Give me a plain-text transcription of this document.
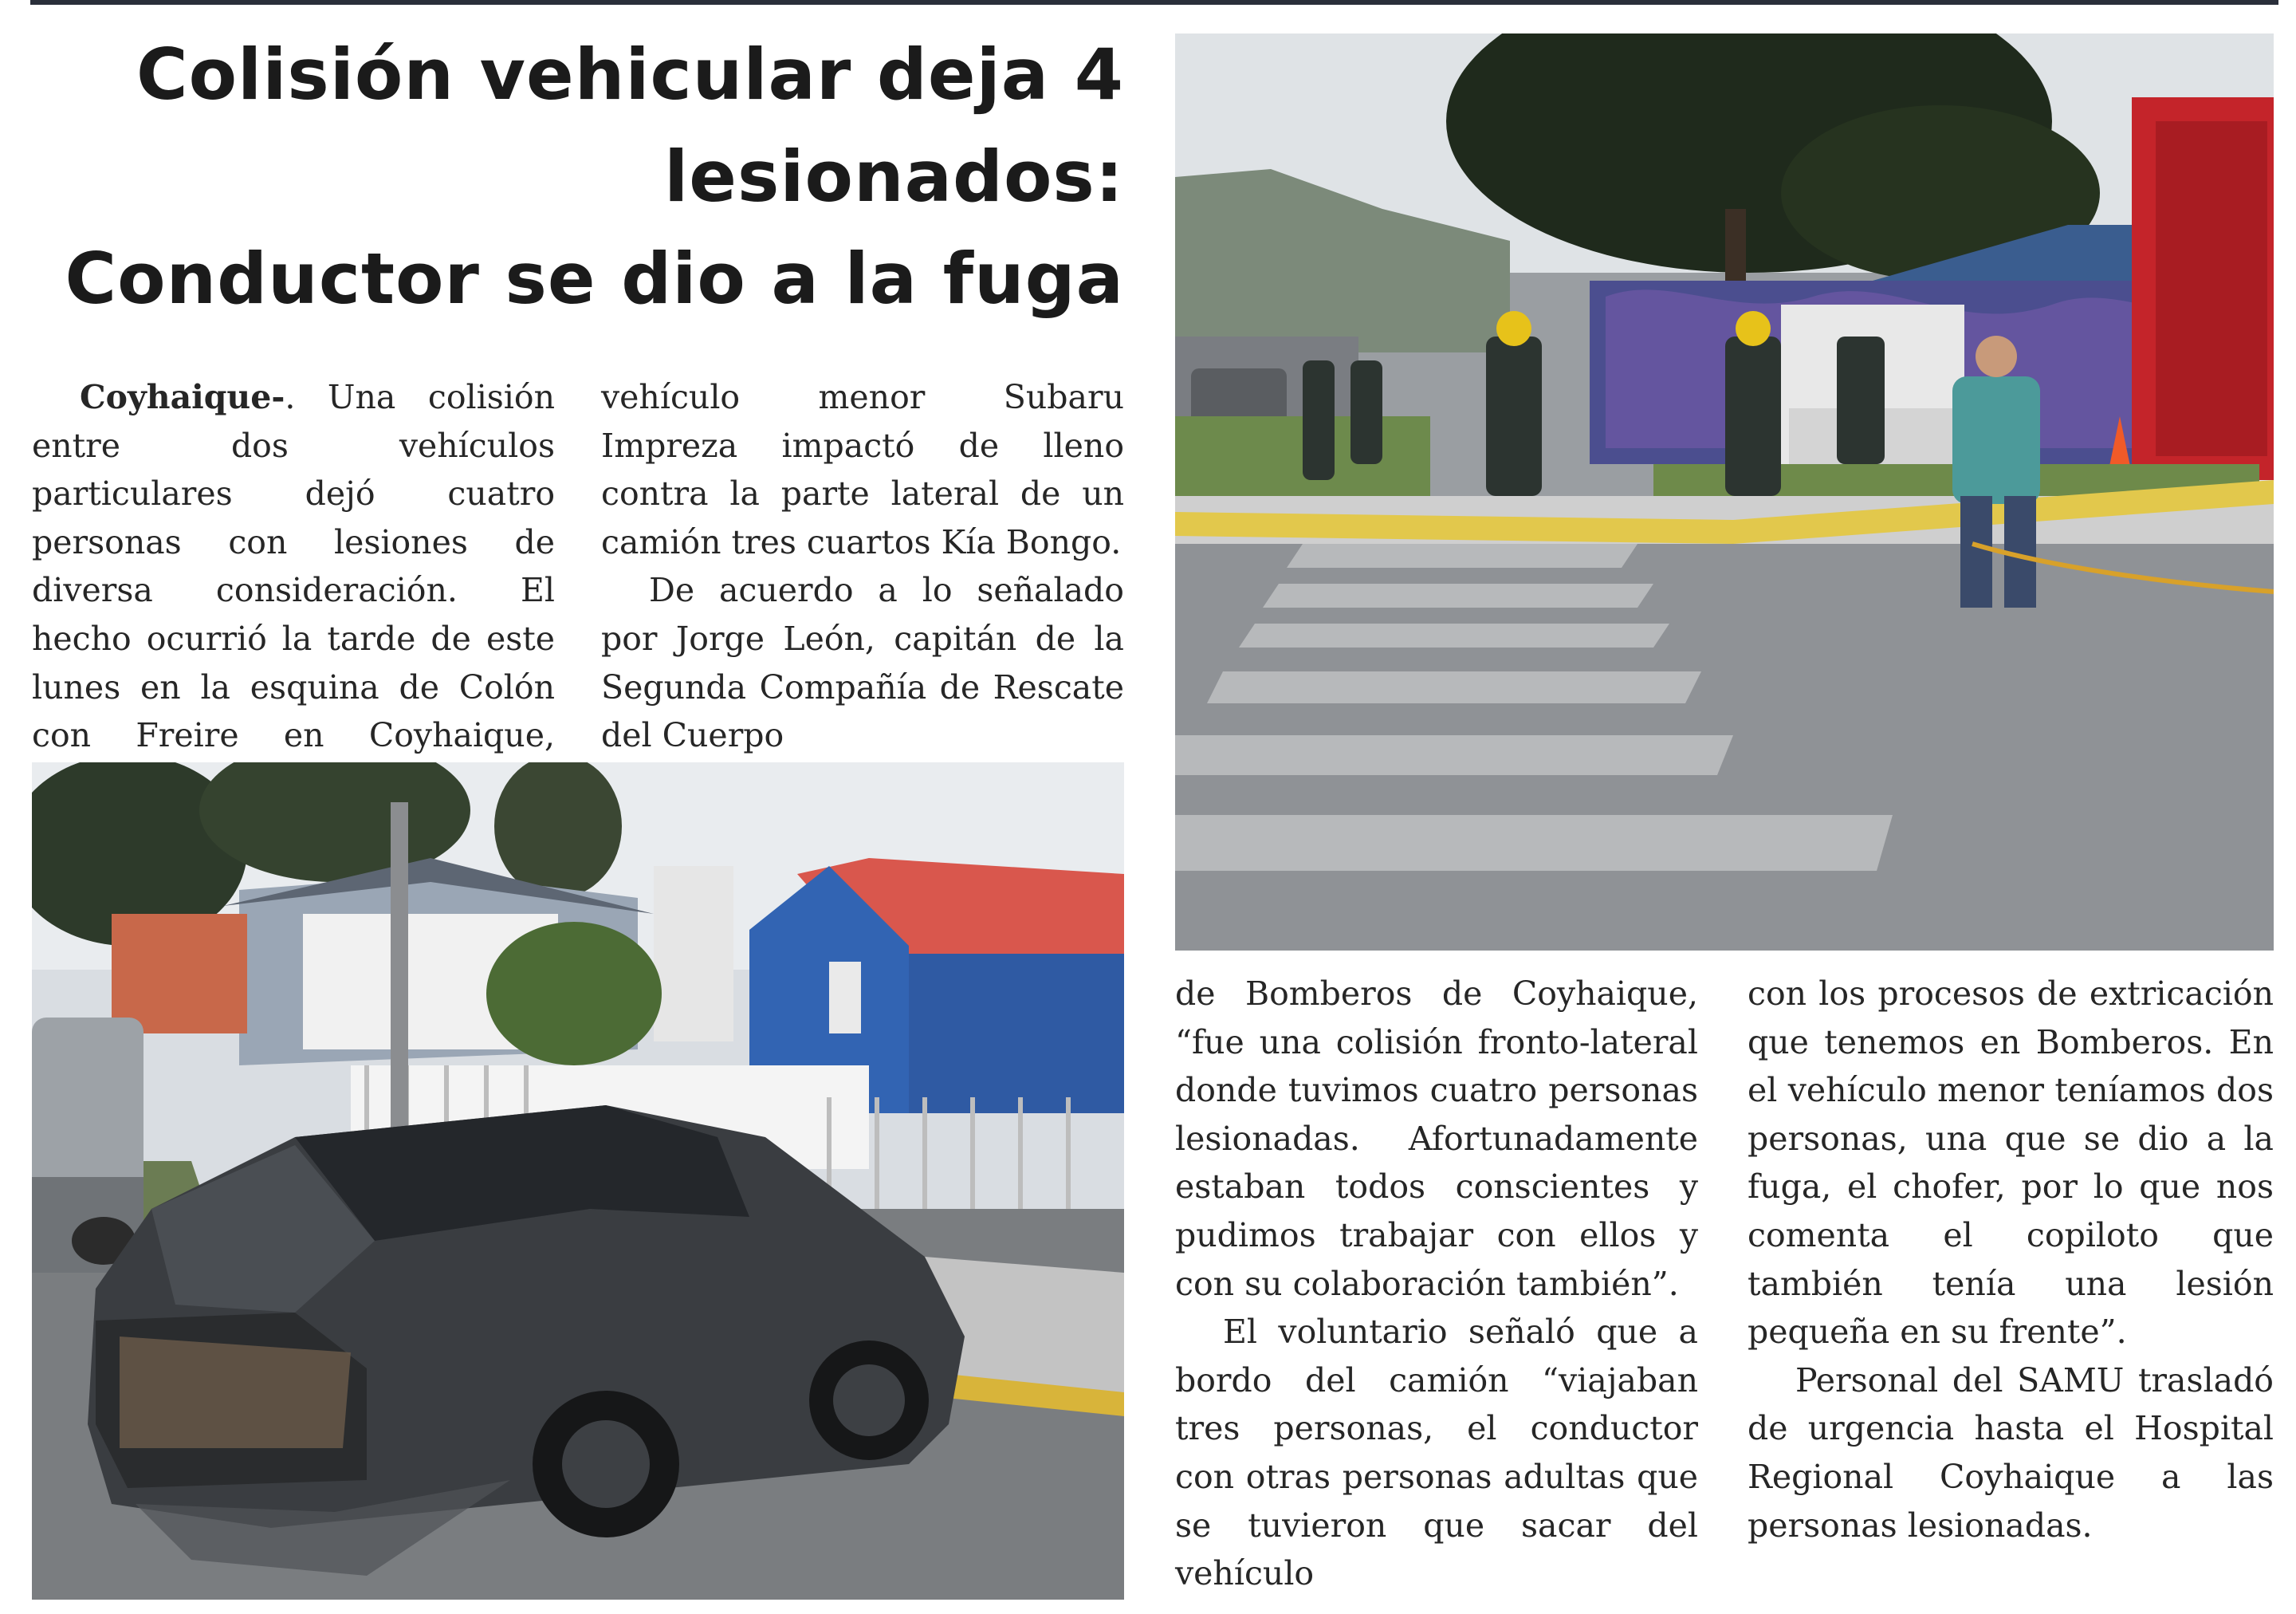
Colisión vehicular deja 4
lesionados:
Conductor se dio a la fuga

Coyhaique-. Una colisión entre dos vehículos particulares dejó cuatro personas con lesiones de diversa consideración. El hecho ocurrió la tarde de este lunes en la esquina de Colón con Freire en Coyhaique,

vehículo menor Subaru Impreza impactó de lleno contra la parte lateral de un camión tres cuartos Kía Bongo.

De acuerdo a lo señalado por Jorge León, capitán de la Segunda Compañía de Rescate del Cuerpo

de Bomberos de Coyhaique, “fue una colisión fronto-lateral donde tuvimos cuatro personas lesionadas. Afortunadamente estaban todos conscientes y pudimos trabajar con ellos y con su colaboración también”.

El voluntario señaló que a bordo del camión “viajaban tres personas, el conductor con otras personas adultas que se tuvieron que sacar del vehículo

con los procesos de extricación que tenemos en Bomberos. En el vehículo menor teníamos dos personas, una que se dio a la fuga, el chofer, por lo que nos comenta el copiloto que también tenía una lesión pequeña en su frente”.

Personal del SAMU trasladó de urgencia hasta el Hospital Regional Coyhaique a las personas lesionadas.
